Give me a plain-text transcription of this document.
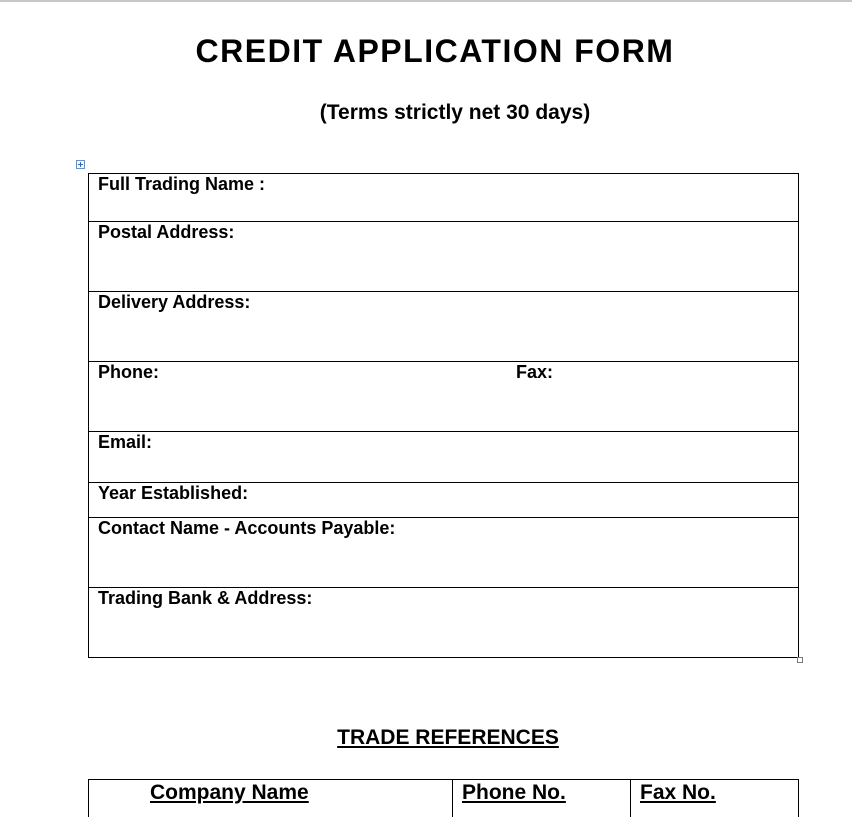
CREDIT APPLICATION FORM
(Terms strictly net 30 days)
Full Trading Name :
Postal Address:
Delivery Address:
Phone:	Fax:
Email:
Year Established:
Contact Name - Accounts Payable:
Trading Bank & Address:
TRADE REFERENCES
Company Name	Phone No.	Fax No.
